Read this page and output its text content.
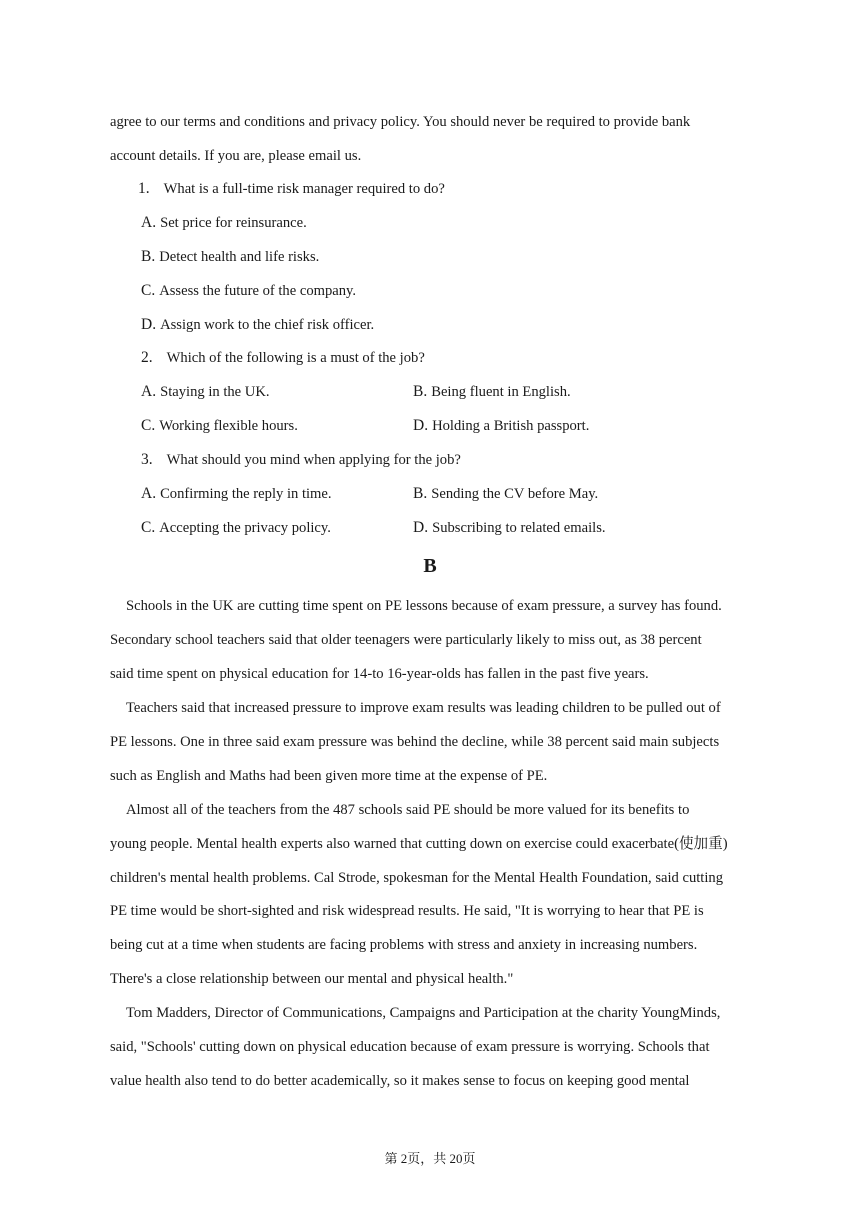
agree to our terms and conditions and privacy policy. You should never be required to provide bank
account details. If you are, please email us.
1. What is a full-time risk manager required to do?
A. Set price for reinsurance.
B. Detect health and life risks.
C. Assess the future of the company.
D. Assign work to the chief risk officer.
2. Which of the following is a must of the job?
A. Staying in the UK.	B. Being fluent in English.
C. Working flexible hours.	D. Holding a British passport.
3. What should you mind when applying for the job?
A. Confirming the reply in time.	B. Sending the CV before May.
C. Accepting the privacy policy.	D. Subscribing to related emails.
B
Schools in the UK are cutting time spent on PE lessons because of exam pressure, a survey has found.
Secondary school teachers said that older teenagers were particularly likely to miss out, as 38 percent
said time spent on physical education for 14-to 16-year-olds has fallen in the past five years.
Teachers said that increased pressure to improve exam results was leading children to be pulled out of
PE lessons. One in three said exam pressure was behind the decline, while 38 percent said main subjects
such as English and Maths had been given more time at the expense of PE.
Almost all of the teachers from the 487 schools said PE should be more valued for its benefits to
young people. Mental health experts also warned that cutting down on exercise could exacerbate(使加重)
children's mental health problems. Cal Strode, spokesman for the Mental Health Foundation, said cutting
PE time would be short-sighted and risk widespread results. He said, "It is worrying to hear that PE is
being cut at a time when students are facing problems with stress and anxiety in increasing numbers.
There's a close relationship between our mental and physical health."
Tom Madders, Director of Communications, Campaigns and Participation at the charity YoungMinds,
said, "Schools' cutting down on physical education because of exam pressure is worrying. Schools that
value health also tend to do better academically, so it makes sense to focus on keeping good mental
第 2页，共 20页
